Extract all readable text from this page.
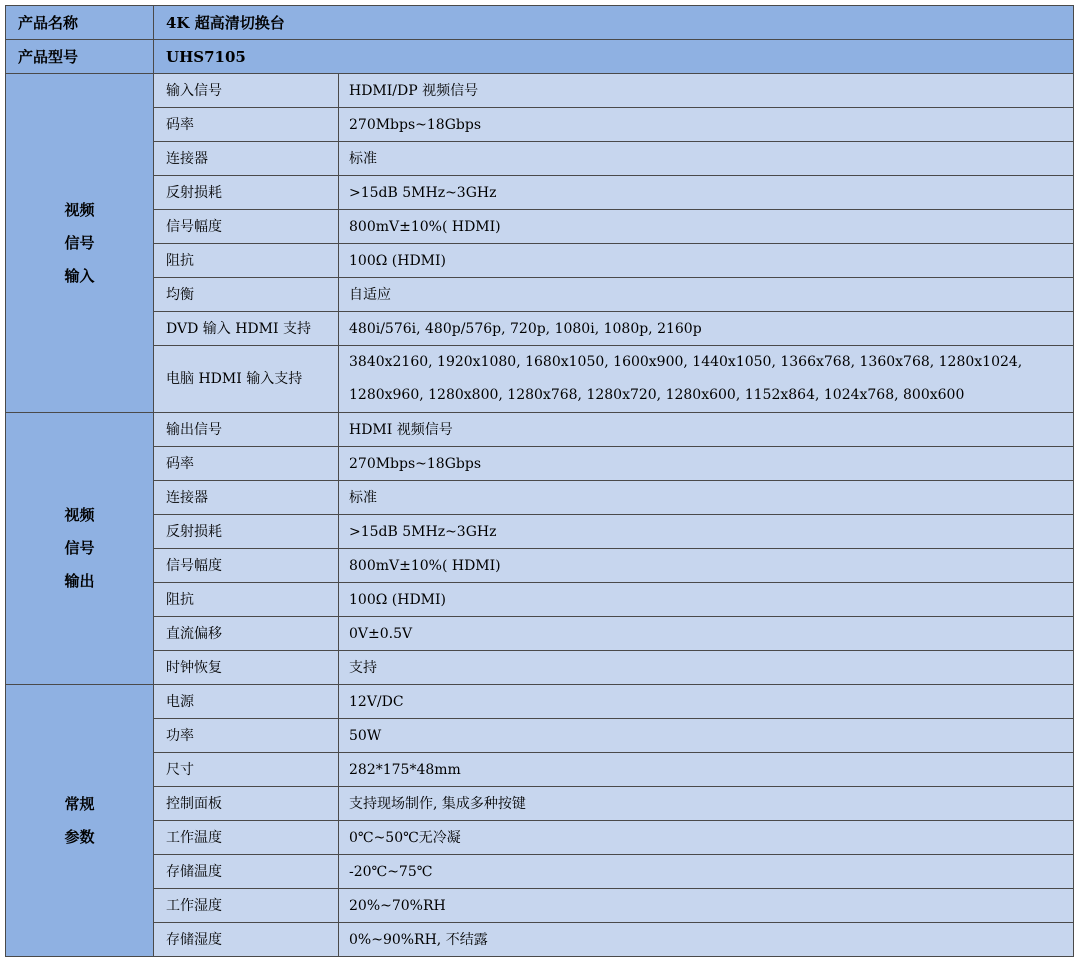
产品名称	4K 超高清切换台	
产品型号	UHS7105	

视频
信号
输入	输入信号	HDMI/DP 视频信号
	码率	270Mbps~18Gbps
	连接器	标准
	反射损耗	>15dB 5MHz~3GHz
	信号幅度	800mV±10%( HDMI)
	阻抗	100Ω (HDMI)
	均衡	自适应
	DVD 输入 HDMI 支持	480i/576i, 480p/576p, 720p, 1080i, 1080p, 2160p
	电脑 HDMI 输入支持	3840x2160, 1920x1080, 1680x1050, 1600x900, 1440x1050, 1366x768, 1360x768, 1280x1024,
1280x960, 1280x800, 1280x768, 1280x720, 1280x600, 1152x864, 1024x768, 800x600

视频
信号
输出	输出信号	HDMI 视频信号
	码率	270Mbps~18Gbps
	连接器	标准
	反射损耗	>15dB 5MHz~3GHz
	信号幅度	800mV±10%( HDMI)
	阻抗	100Ω (HDMI)
	直流偏移	0V±0.5V
	时钟恢复	支持

常规
参数	电源	12V/DC
	功率	50W
	尺寸	282*175*48mm
	控制面板	支持现场制作, 集成多种按键
	工作温度	0℃~50℃无冷凝
	存储温度	-20℃~75℃
	工作湿度	20%~70%RH
	存储湿度	0%~90%RH, 不结露
